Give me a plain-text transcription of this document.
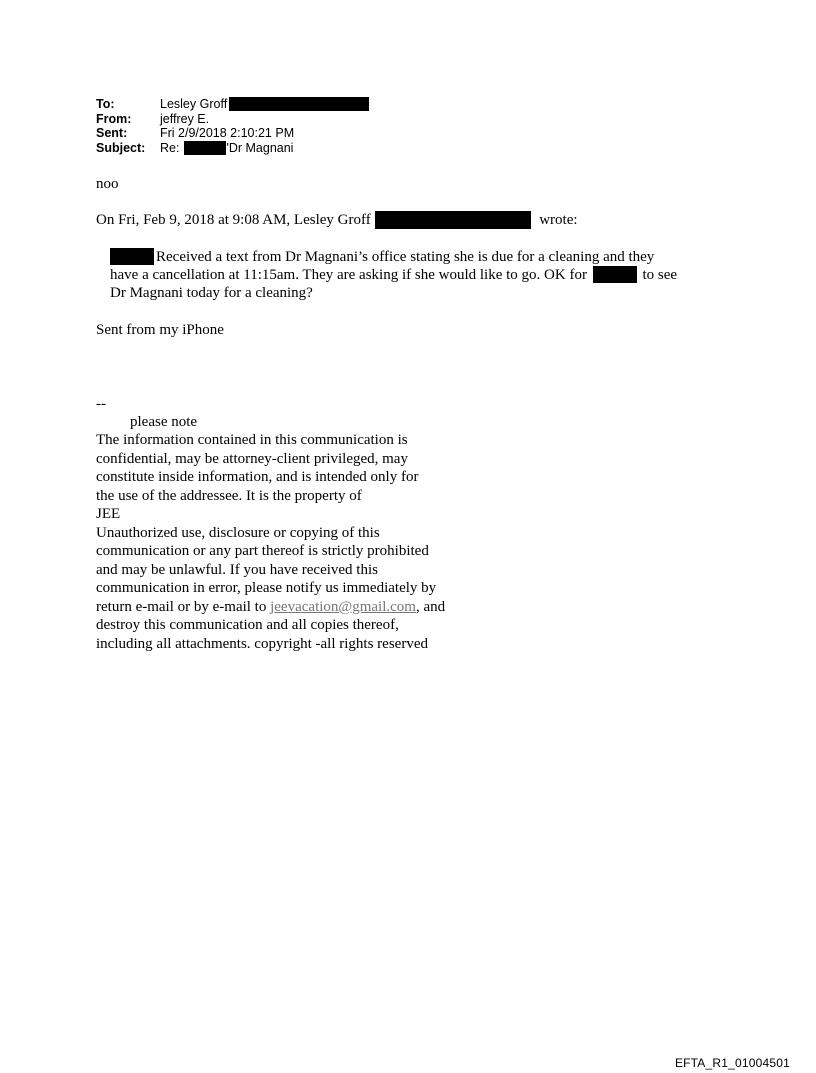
To:	Lesley Groff
From:	jeffrey E.
Sent:	Fri 2/9/2018 2:10:21 PM
Subject:	Re:	'Dr Magnani
noo
On Fri, Feb 9, 2018 at 9:08 AM, Lesley Groff	wrote:
Received a text from Dr Magnani’s office stating she is due for a cleaning and they
have a cancellation at 11:15am. They are asking if she would like to go. OK for	to see
Dr Magnani today for a cleaning?
Sent from my iPhone
--
please note
The information contained in this communication is
confidential, may be attorney-client privileged, may
constitute inside information, and is intended only for
the use of the addressee. It is the property of
JEE
Unauthorized use, disclosure or copying of this
communication or any part thereof is strictly prohibited
and may be unlawful. If you have received this
communication in error, please notify us immediately by
return e-mail or by e-mail to jeevacation@gmail.com, and
destroy this communication and all copies thereof,
including all attachments. copyright -all rights reserved
EFTA_R1_01004501
